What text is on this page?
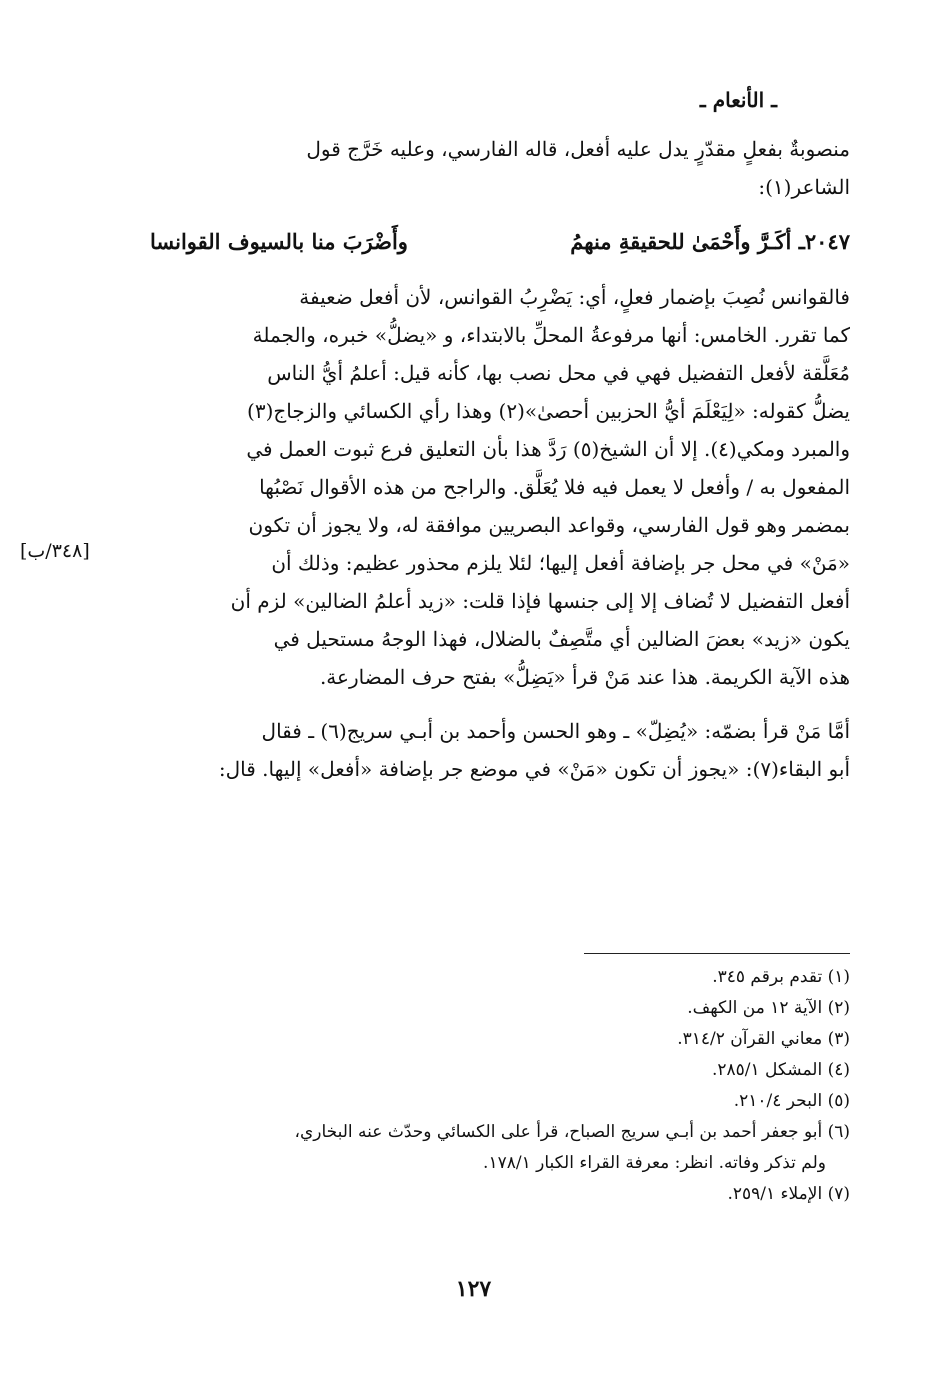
ـ الأنعام ـ
منصوبةٌ بفعلٍ مقدّرٍ يدل عليه أفعل، قاله الفارسي، وعليه خَرَّج قول
الشاعر(١):
٢٠٤٧ـ أكَـرَّ وأَحْمَىٰ للحقيقةِ منهمُ
وأَضْرَبَ منا بالسيوف القوانسا
فالقوانس نُصِبَ بإضمار فعلٍ، أي: يَضْرِبُ القوانس، لأن أفعل ضعيفة
كما تقرر. الخامس: أنها مرفوعةُ المحلِّ بالابتداء، و «يضلُّ» خبره، والجملة
مُعَلَّقة لأفعل التفضيل فهي في محل نصب بها، كأنه قيل: أعلمُ أيُّ الناس
يضلُّ كقوله: «لِيَعْلَمَ أيُّ الحزبين أحصىٰ»(٢) وهذا رأي الكسائي والزجاج(٣)
والمبرد ومكي(٤). إلا أن الشيخ(٥) رَدَّ هذا بأن التعليق فرع ثبوت العمل في
المفعول به / وأفعل لا يعمل فيه فلا يُعَلَّق. والراجح من هذه الأقوال نَصْبُها
بمضمر وهو قول الفارسي، وقواعد البصريين موافقة له، ولا يجوز أن تكون
«مَنْ» في محل جر بإضافة أفعل إليها؛ لئلا يلزم محذور عظيم: وذلك أن
أفعل التفضيل لا تُضاف إلا إلى جنسها فإذا قلت: «زيد أعلمُ الضالين» لزم أن
يكون «زيد» بعضَ الضالين أي متَّصِفٌ بالضلال، فهذا الوجهُ مستحيل في
هذه الآية الكريمة. هذا عند مَنْ قرأ «يَضِلُّ» بفتح حرف المضارعة.
أمَّا مَنْ قرأ بضمّه: «يُضِلّ» ـ وهو الحسن وأحمد بن أبـي سريج(٦) ـ فقال
أبو البقاء(٧): «يجوز أن تكون «مَنْ» في موضع جر بإضافة «أفعل» إليها. قال:
[٣٤٨/ب]
(١) تقدم برقم ٣٤٥.
(٢) الآية ١٢ من الكهف.
(٣) معاني القرآن ٣١٤/٢.
(٤) المشكل ٢٨٥/١.
(٥) البحر ٢١٠/٤.
(٦) أبو جعفر أحمد بن أبـي سريج الصباح، قرأ على الكسائي وحدّث عنه البخاري،
ولم تذكر وفاته. انظر: معرفة القراء الكبار ١٧٨/١.
(٧) الإملاء ٢٥٩/١.
١٢٧
